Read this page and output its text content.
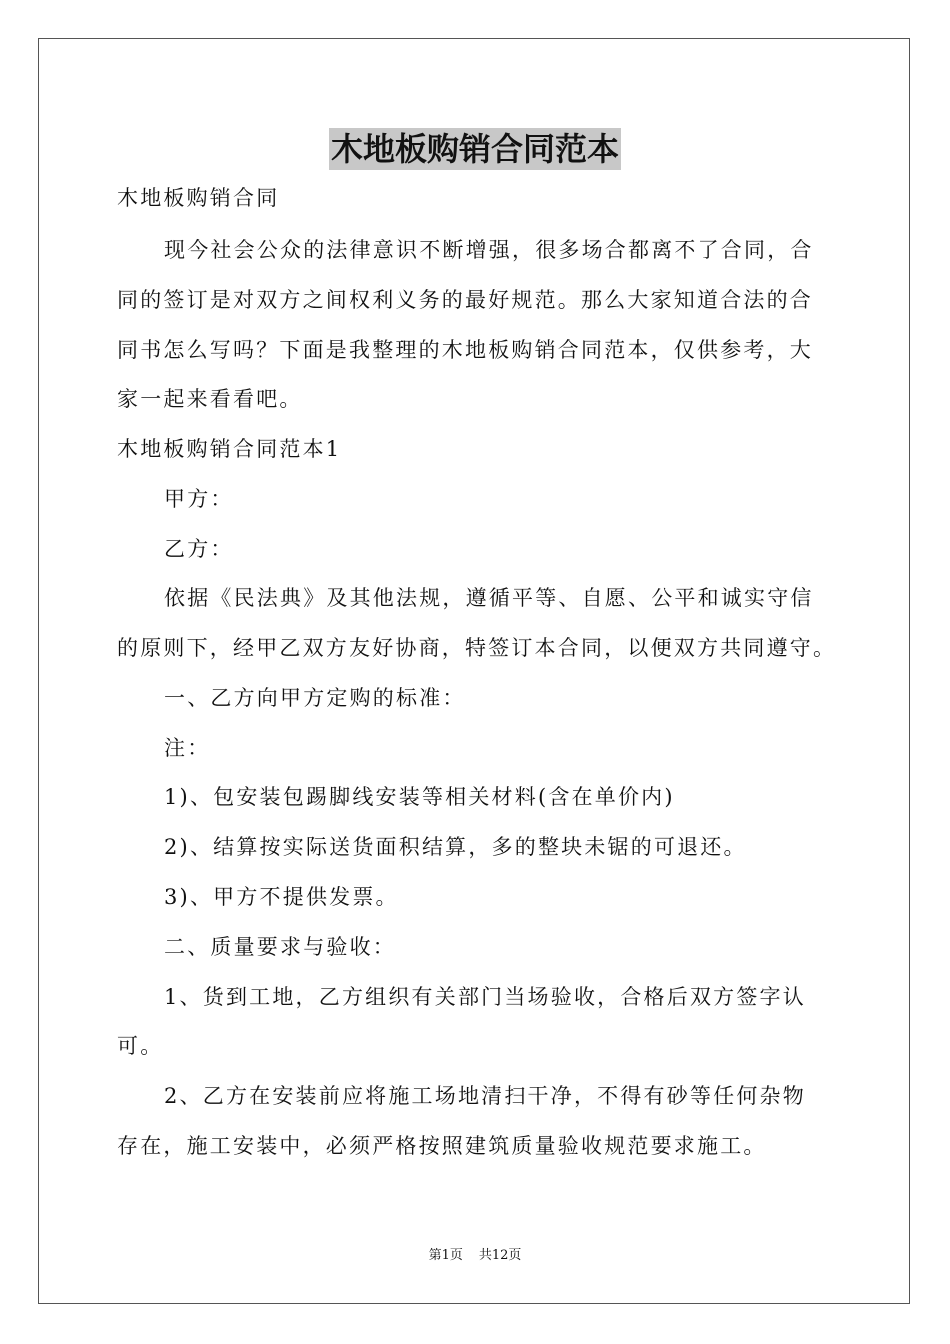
木地板购销合同范本
木地板购销合同
现今社会公众的法律意识不断增强，很多场合都离不了合同，合
同的签订是对双方之间权利义务的最好规范。那么大家知道合法的合
同书怎么写吗？下面是我整理的木地板购销合同范本，仅供参考，大
家一起来看看吧。
木地板购销合同范本1
甲方：
乙方：
依据《民法典》及其他法规，遵循平等、自愿、公平和诚实守信
的原则下，经甲乙双方友好协商，特签订本合同，以便双方共同遵守。
一、乙方向甲方定购的标准：
注：
1)、包安装包踢脚线安装等相关材料(含在单价内)
2)、结算按实际送货面积结算，多的整块未锯的可退还。
3)、甲方不提供发票。
二、质量要求与验收：
1、货到工地，乙方组织有关部门当场验收，合格后双方签字认
可。
2、乙方在安装前应将施工场地清扫干净，不得有砂等任何杂物
存在，施工安装中，必须严格按照建筑质量验收规范要求施工。
第1页 共12页
